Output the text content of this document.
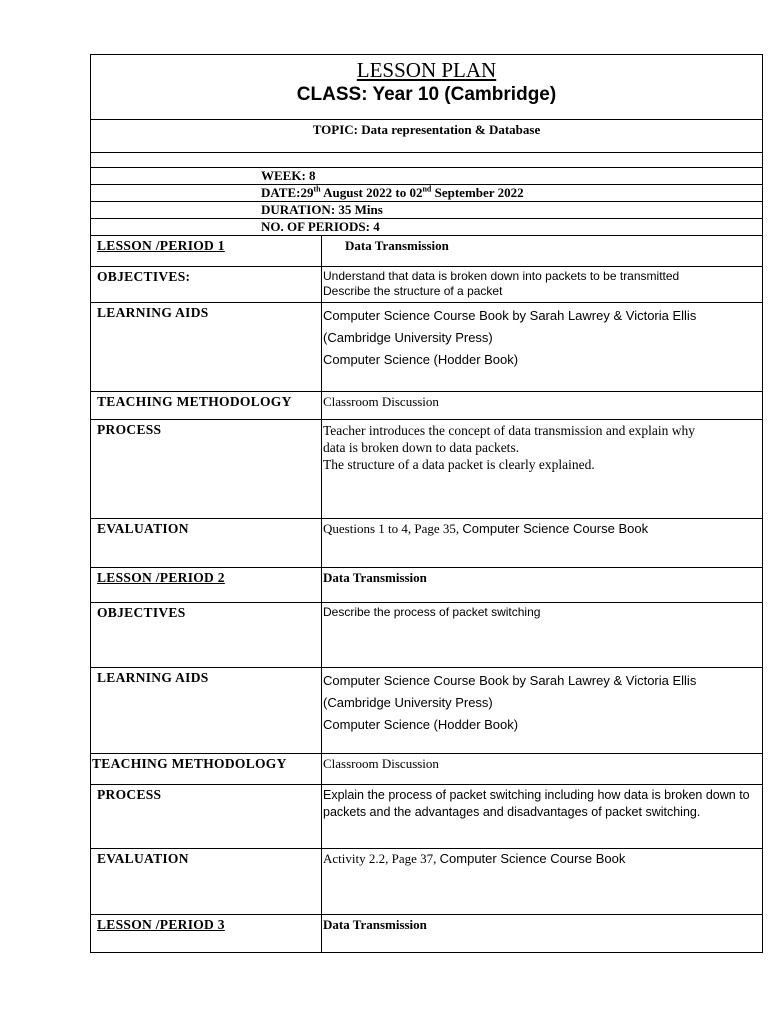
LESSON PLAN
CLASS: Year 10 (Cambridge)	

TOPIC: Data representation & Database	

WEEK: 8	
DATE:29th August 2022 to 02nd September 2022	
DURATION: 35 Mins	
NO. OF PERIODS: 4	
LESSON /PERIOD 1	Data Transmission
OBJECTIVES:	Understand that data is broken down into packets to be transmitted
Describe the structure of a packet

LEARNING AIDS	Computer Science Course Book by Sarah Lawrey & Victoria Ellis
(Cambridge University Press)
Computer Science (Hodder Book)

TEACHING METHODOLOGY	Classroom Discussion
PROCESS	Teacher introduces the concept of data transmission and explain why
data is broken down to data packets.
The structure of a data packet is clearly explained.

EVALUATION	Questions 1 to 4, Page 35, Computer Science Course Book
LESSON /PERIOD 2	Data Transmission
OBJECTIVES	Describe the process of packet switching
LEARNING AIDS	Computer Science Course Book by Sarah Lawrey & Victoria Ellis
(Cambridge University Press)
Computer Science (Hodder Book)

TEACHING METHODOLOGY	Classroom Discussion
PROCESS	Explain the process of packet switching including how data is broken down to
packets and the advantages and disadvantages of packet switching.

EVALUATION	Activity 2.2, Page 37, Computer Science Course Book
LESSON /PERIOD 3	Data Transmission
